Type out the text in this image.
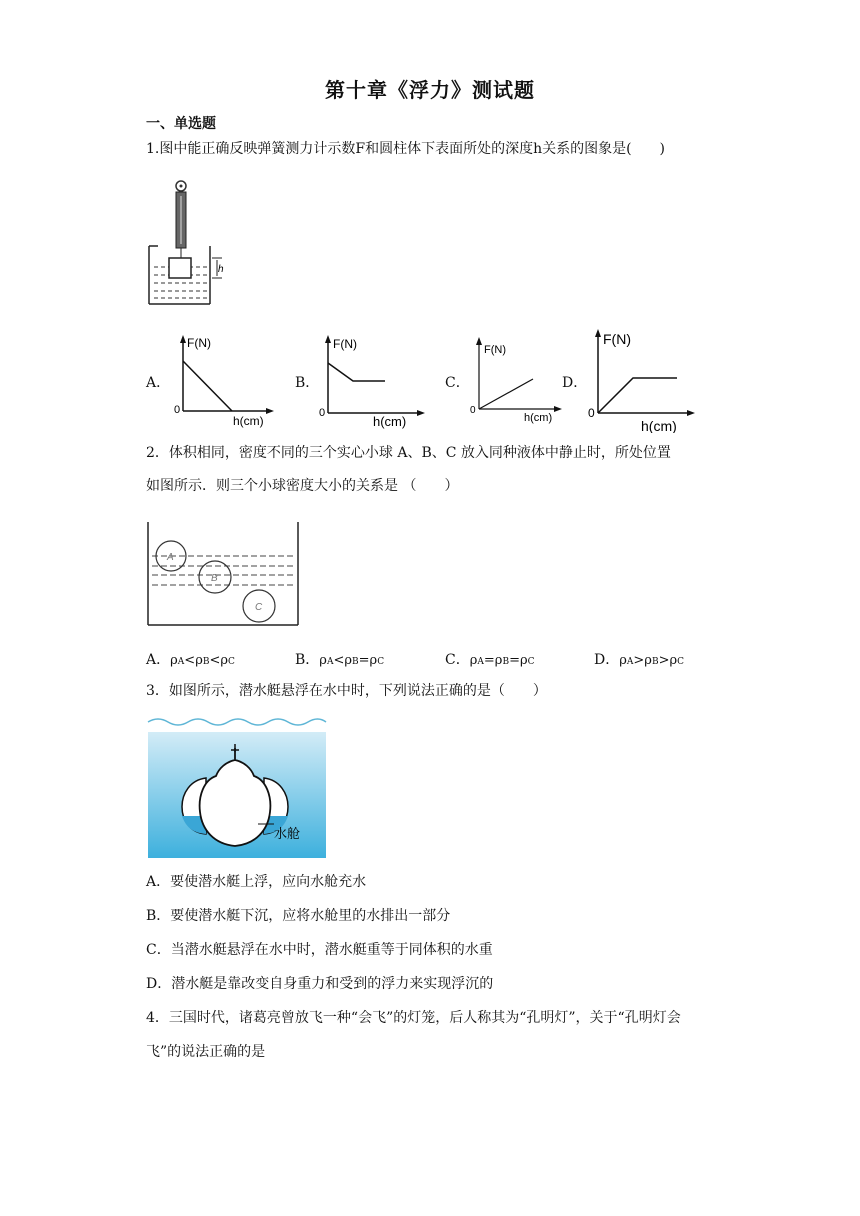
第十章《浮力》测试题
一、单选题
1.图中能正确反映弹簧测力计示数F和圆柱体下表面所处的深度h关系的图象是(　　)
h
A．	B．	C．	D．
F(N)
0
h(cm)
F(N)
0
h(cm)
F(N)
0
h(cm)
F(N)
0
h(cm)
2．体积相同，密度不同的三个实心小球 A、B、C 放入同种液体中静止时，所处位置
如图所示．则三个小球密度大小的关系是 （　　）
A
B
C
A．ρA<ρB<ρC	B．ρA<ρB=ρC	C．ρA=ρB=ρC	D．ρA>ρB>ρC
3．如图所示，潜水艇悬浮在水中时，下列说法正确的是（　　）
水舱
A．要使潜水艇上浮，应向水舱充水
B．要使潜水艇下沉，应将水舱里的水排出一部分
C．当潜水艇悬浮在水中时，潜水艇重等于同体积的水重
D．潜水艇是靠改变自身重力和受到的浮力来实现浮沉的
4．三国时代，诸葛亮曾放飞一种“会飞”的灯笼，后人称其为“孔明灯”，关于“孔明灯会
飞”的说法正确的是
